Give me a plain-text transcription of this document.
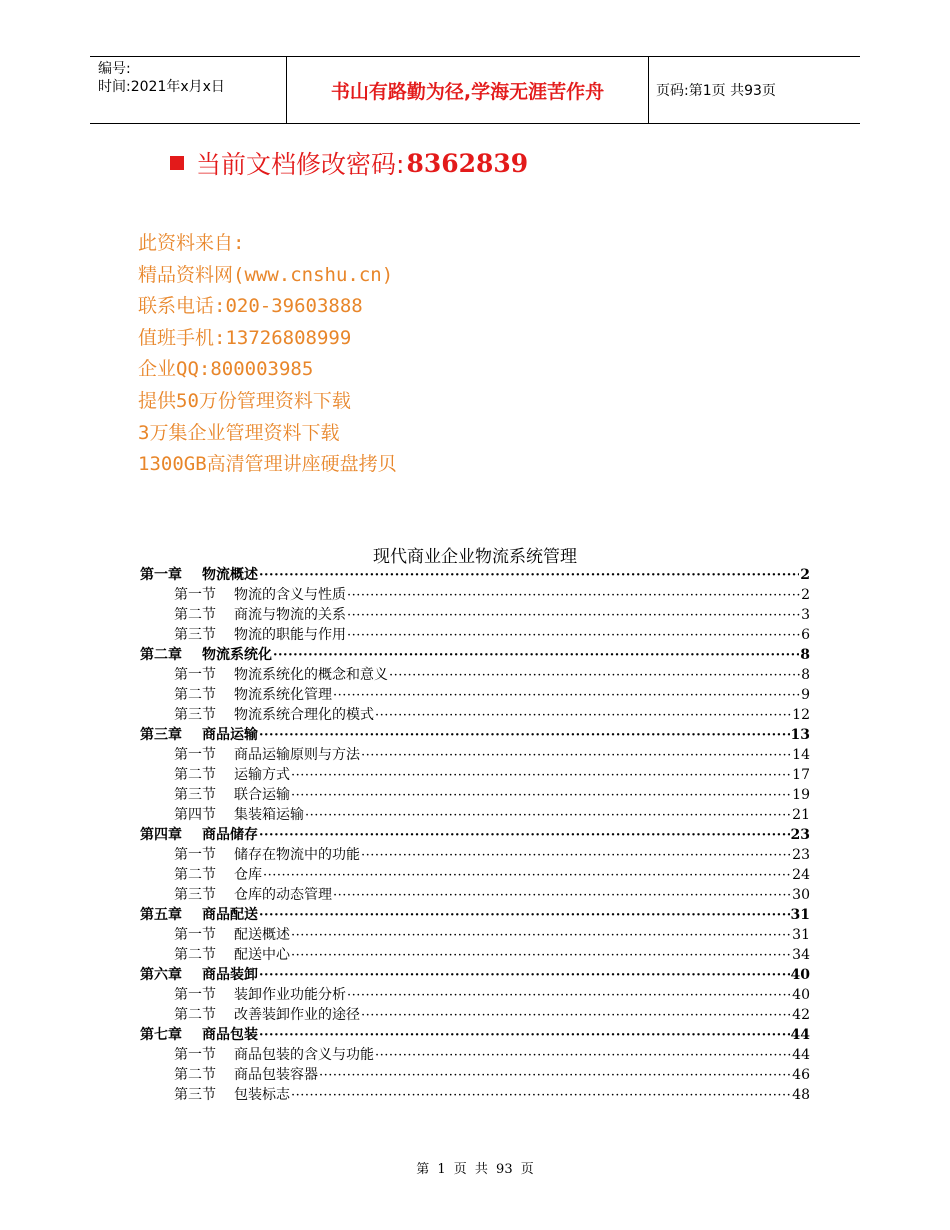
编号:
时间:2021年x月x日	书山有路勤为径,学海无涯苦作舟	页码:第1页 共93页
当前文档修改密码: 8362839
此资料来自:
精品资料网(www.cnshu.cn)
联系电话:020-39603888
值班手机:13726808999
企业QQ:800003985
提供50万份管理资料下载
3万集企业管理资料下载
1300GB高清管理讲座硬盘拷贝
现代商业企业物流系统管理
第一章 物流概述 ·····	2
第一节 物流的含义与性质 ·····	2
第二节 商流与物流的关系 ·····	3
第三节 物流的职能与作用 ·····	6
第二章 物流系统化 ·····	8
第一节 物流系统化的概念和意义 ·····	8
第二节 物流系统化管理 ·····	9
第三节 物流系统合理化的模式 ·····	12
第三章 商品运输 ·····	13
第一节 商品运输原则与方法 ·····	14
第二节 运输方式 ·····	17
第三节 联合运输 ·····	19
第四节 集装箱运输 ·····	21
第四章 商品储存 ·····	23
第一节 储存在物流中的功能 ·····	23
第二节 仓库 ·····	24
第三节 仓库的动态管理 ·····	30
第五章 商品配送 ·····	31
第一节 配送概述 ·····	31
第二节 配送中心 ·····	34
第六章 商品装卸 ·····	40
第一节 装卸作业功能分析 ·····	40
第二节 改善装卸作业的途径 ·····	42
第七章 商品包装 ·····	44
第一节 商品包装的含义与功能 ·····	44
第二节 商品包装容器 ·····	46
第三节 包装标志 ·····	48
第 1 页 共 93 页
